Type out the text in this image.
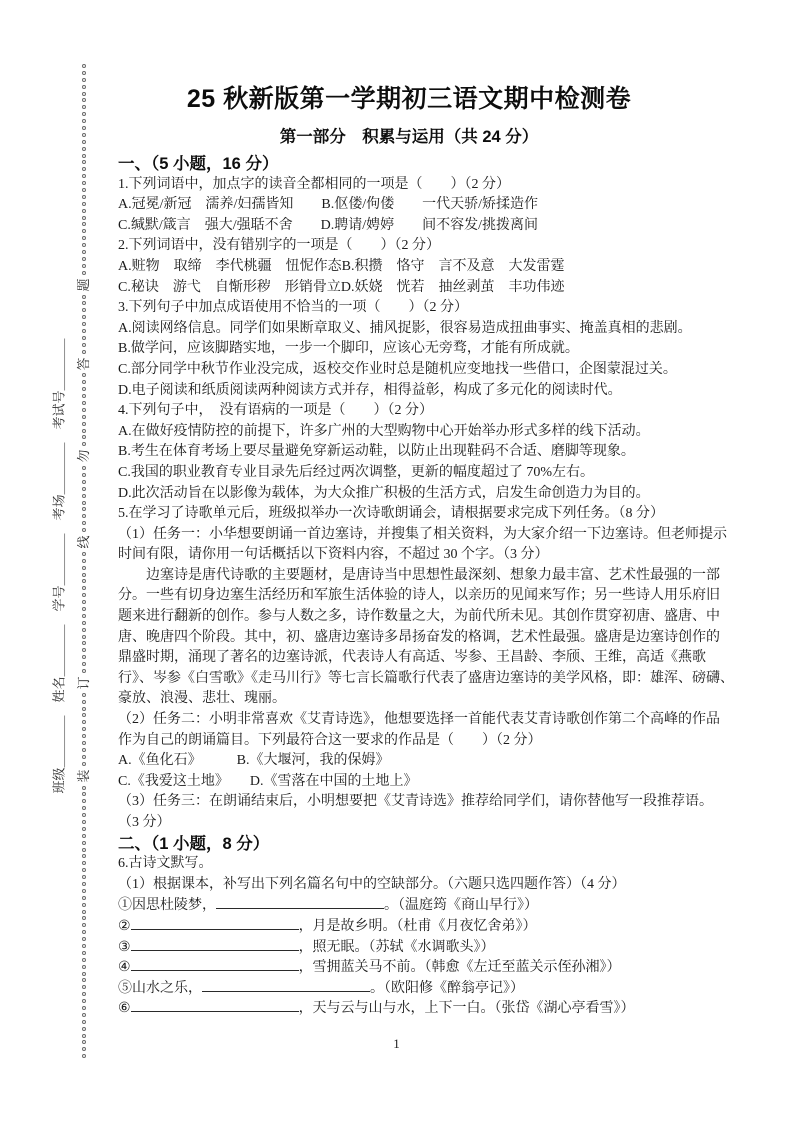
题
答
勿
线
订
装
班级＿＿＿＿　姓名＿＿＿＿　学号＿＿＿＿　考场＿＿＿＿　考试号＿＿＿＿
25 秋新版第一学期初三语文期中检测卷
第一部分　积累与运用（共 24 分）
一、（5 小题，16 分）
1.下列词语中，加点字的读音全都相同的一项是（　　）（2 分）
A.冠冕/新冠　濡养/妇孺皆知　　B.伛偻/佝偻　　一代天骄/矫揉造作
C.缄默/箴言　强大/强聒不舍　　D.聘请/娉婷　　间不容发/挑拨离间
2.下列词语中，没有错别字的一项是（　　）（2 分）
A.赃物　取缔　李代桃疆　忸怩作态B.积攒　恪守　言不及意　大发雷霆
C.秘诀　游弋　自惭形秽　形销骨立D.妖娆　恍若　抽丝剥茧　丰功伟迹
3.下列句子中加点成语使用不恰当的一项（　　）（2 分）
A.阅读网络信息。同学们如果断章取义、捕风捉影，很容易造成扭曲事实、掩盖真相的悲剧。
B.做学问，应该脚踏实地，一步一个脚印，应该心无旁骛，才能有所成就。
C.部分同学中秋节作业没完成，返校交作业时总是随机应变地找一些借口，企图蒙混过关。
D.电子阅读和纸质阅读两种阅读方式并存，相得益彰，构成了多元化的阅读时代。
4.下列句子中，　没有语病的一项是（　　）（2 分）
A.在做好疫情防控的前提下，许多广州的大型购物中心开始举办形式多样的线下活动。
B.考生在体育考场上要尽量避免穿新运动鞋，以防止出现鞋码不合适、磨脚等现象。
C.我国的职业教育专业目录先后经过两次调整，更新的幅度超过了 70%左右。
D.此次活动旨在以影像为载体，为大众推广积极的生活方式，启发生命创造力为目的。
5.在学习了诗歌单元后，班级拟举办一次诗歌朗诵会，请根据要求完成下列任务。（8 分）
（1）任务一：小华想要朗诵一首边塞诗，并搜集了相关资料，为大家介绍一下边塞诗。但老师提示
时间有限，请你用一句话概括以下资料内容，不超过 30 个字。（3 分）
　　边塞诗是唐代诗歌的主要题材，是唐诗当中思想性最深刻、想象力最丰富、艺术性最强的一部
分。一些有切身边塞生活经历和军旅生活体验的诗人，以亲历的见闻来写作；另一些诗人用乐府旧
题来进行翻新的创作。参与人数之多，诗作数量之大，为前代所未见。其创作贯穿初唐、盛唐、中
唐、晚唐四个阶段。其中，初、盛唐边塞诗多昂扬奋发的格调，艺术性最强。盛唐是边塞诗创作的
鼎盛时期，涌现了著名的边塞诗派，代表诗人有高适、岑参、王昌龄、李颀、王维，高适《燕歌
行》、岑参《白雪歌》《走马川行》等七言长篇歌行代表了盛唐边塞诗的美学风格，即：雄浑、磅礴、
豪放、浪漫、悲壮、瑰丽。
（2）任务二：小明非常喜欢《艾青诗选》，他想要选择一首能代表艾青诗歌创作第二个高峰的作品
作为自己的朗诵篇目。下列最符合这一要求的作品是（　　）（2 分）
A.《鱼化石》　　　B.《大堰河，我的保姆》
C.《我爱这土地》　　D.《雪落在中国的土地上》
（3）任务三：在朗诵结束后，小明想要把《艾青诗选》推荐给同学们，请你替他写一段推荐语。
（3 分）
二、（1 小题，8 分）
6.古诗文默写。
（1）根据课本，补写出下列名篇名句中的空缺部分。（六题只选四题作答）（4 分）
①因思杜陵梦，	。（温庭筠《商山早行》）
②	，月是故乡明。（杜甫《月夜忆舍弟》）
③	，照无眠。（苏轼《水调歌头》）
④	，雪拥蓝关马不前。（韩愈《左迁至蓝关示侄孙湘》）
⑤山水之乐，	。（欧阳修《醉翁亭记》）
⑥	，天与云与山与水，上下一白。（张岱《湖心亭看雪》）
1
